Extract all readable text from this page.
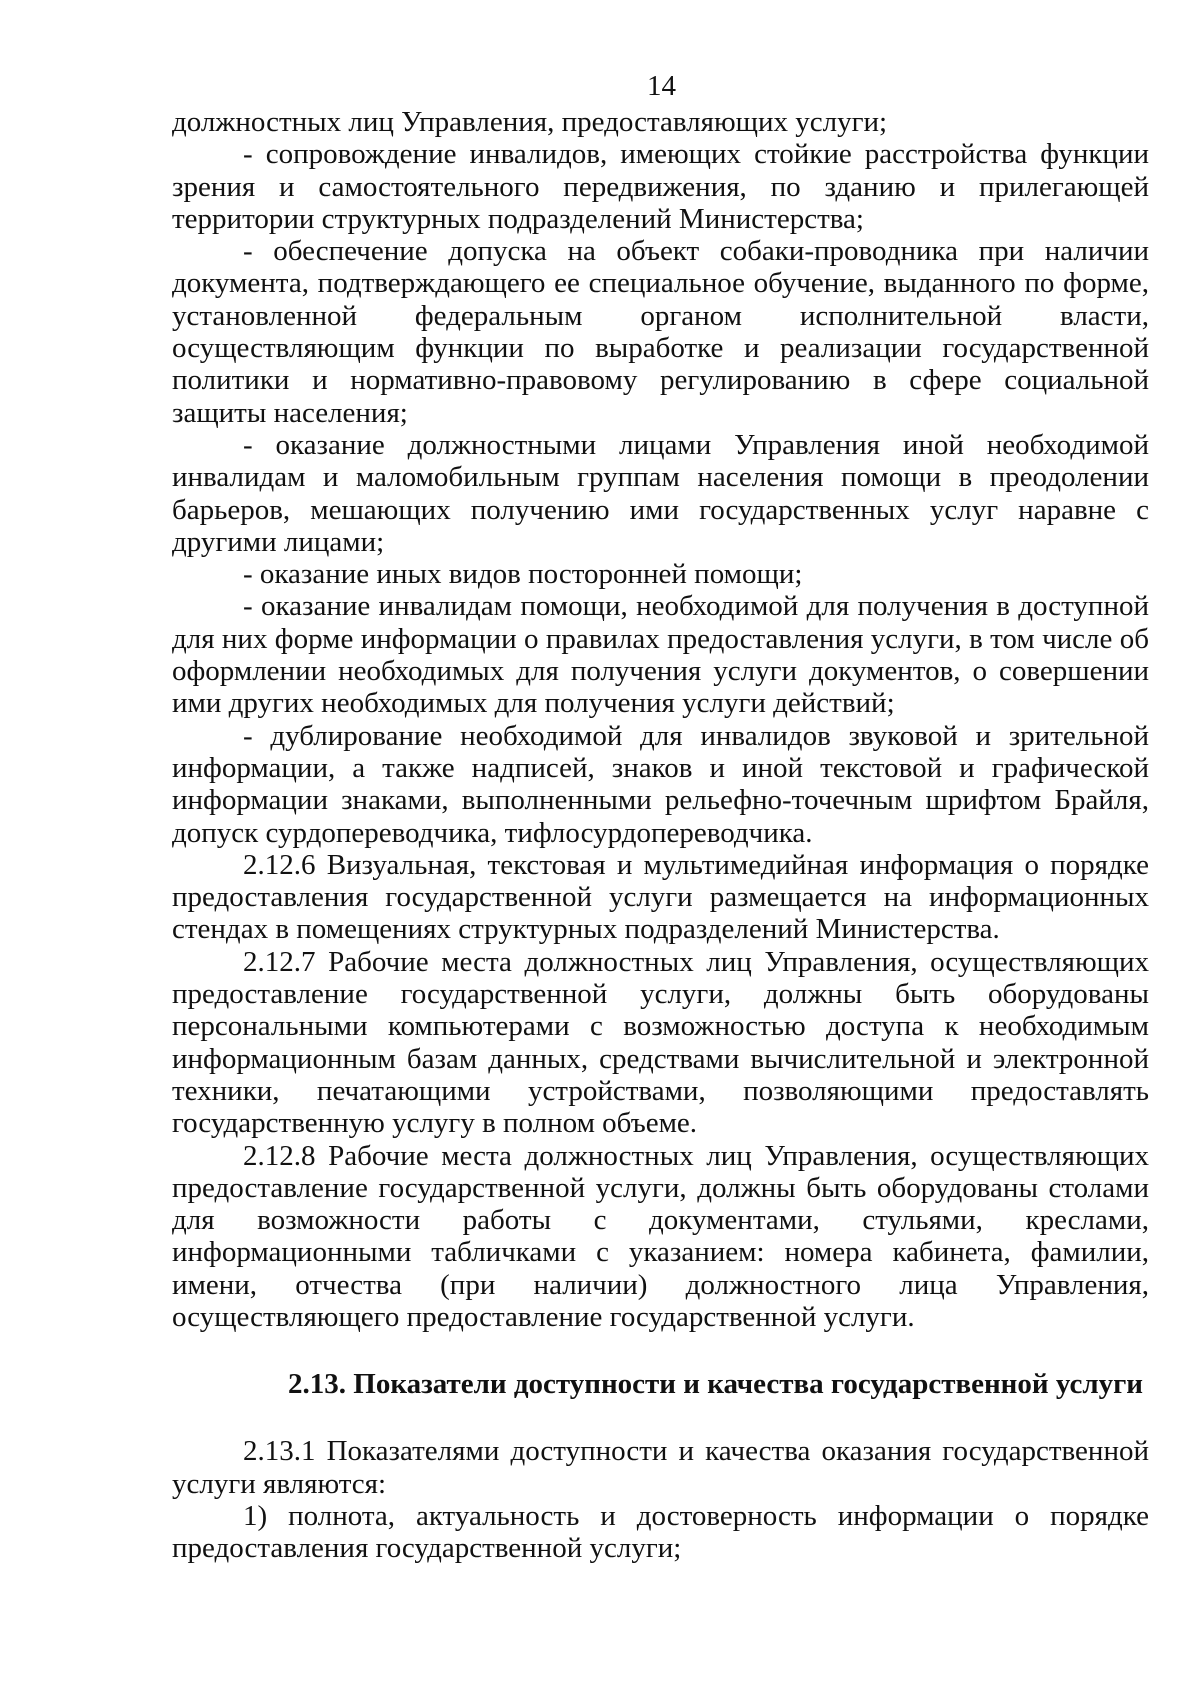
14

должностных лиц Управления, предоставляющих услуги;

- сопровождение инвалидов, имеющих стойкие расстройства функции зрения и самостоятельного передвижения, по зданию и прилегающей территории структурных подразделений Министерства;

- обеспечение допуска на объект собаки-проводника при наличии документа, подтверждающего ее специальное обучение, выданного по форме, установленной федеральным органом исполнительной власти, осуществляющим функции по выработке и реализации государственной политики и нормативно-правовому регулированию в сфере социальной защиты населения;

- оказание должностными лицами Управления иной необходимой инвалидам и маломобильным группам населения помощи в преодолении барьеров, мешающих получению ими государственных услуг наравне с другими лицами;

- оказание иных видов посторонней помощи;

- оказание инвалидам помощи, необходимой для получения в доступной для них форме информации о правилах предоставления услуги, в том числе об оформлении необходимых для получения услуги документов, о совершении ими других необходимых для получения услуги действий;

- дублирование необходимой для инвалидов звуковой и зрительной информации, а также надписей, знаков и иной текстовой и графической информации знаками, выполненными рельефно-точечным шрифтом Брайля, допуск сурдопереводчика, тифлосурдопереводчика.

2.12.6 Визуальная, текстовая и мультимедийная информация о порядке предоставления государственной услуги размещается на информационных стендах в помещениях структурных подразделений Министерства.

2.12.7 Рабочие места должностных лиц Управления, осуществляющих предоставление государственной услуги, должны быть оборудованы персональными компьютерами с возможностью доступа к необходимым информационным базам данных, средствами вычислительной и электронной техники, печатающими устройствами, позволяющими предоставлять государственную услугу в полном объеме.

2.12.8 Рабочие места должностных лиц Управления, осуществляющих предоставление государственной услуги, должны быть оборудованы столами для возможности работы с документами, стульями, креслами, информационными табличками с указанием: номера кабинета, фамилии, имени, отчества (при наличии) должностного лица Управления, осуществляющего предоставление государственной услуги.

2.13. Показатели доступности и качества государственной услуги

2.13.1 Показателями доступности и качества оказания государственной услуги являются:

1) полнота, актуальность и достоверность информации о порядке предоставления государственной услуги;
